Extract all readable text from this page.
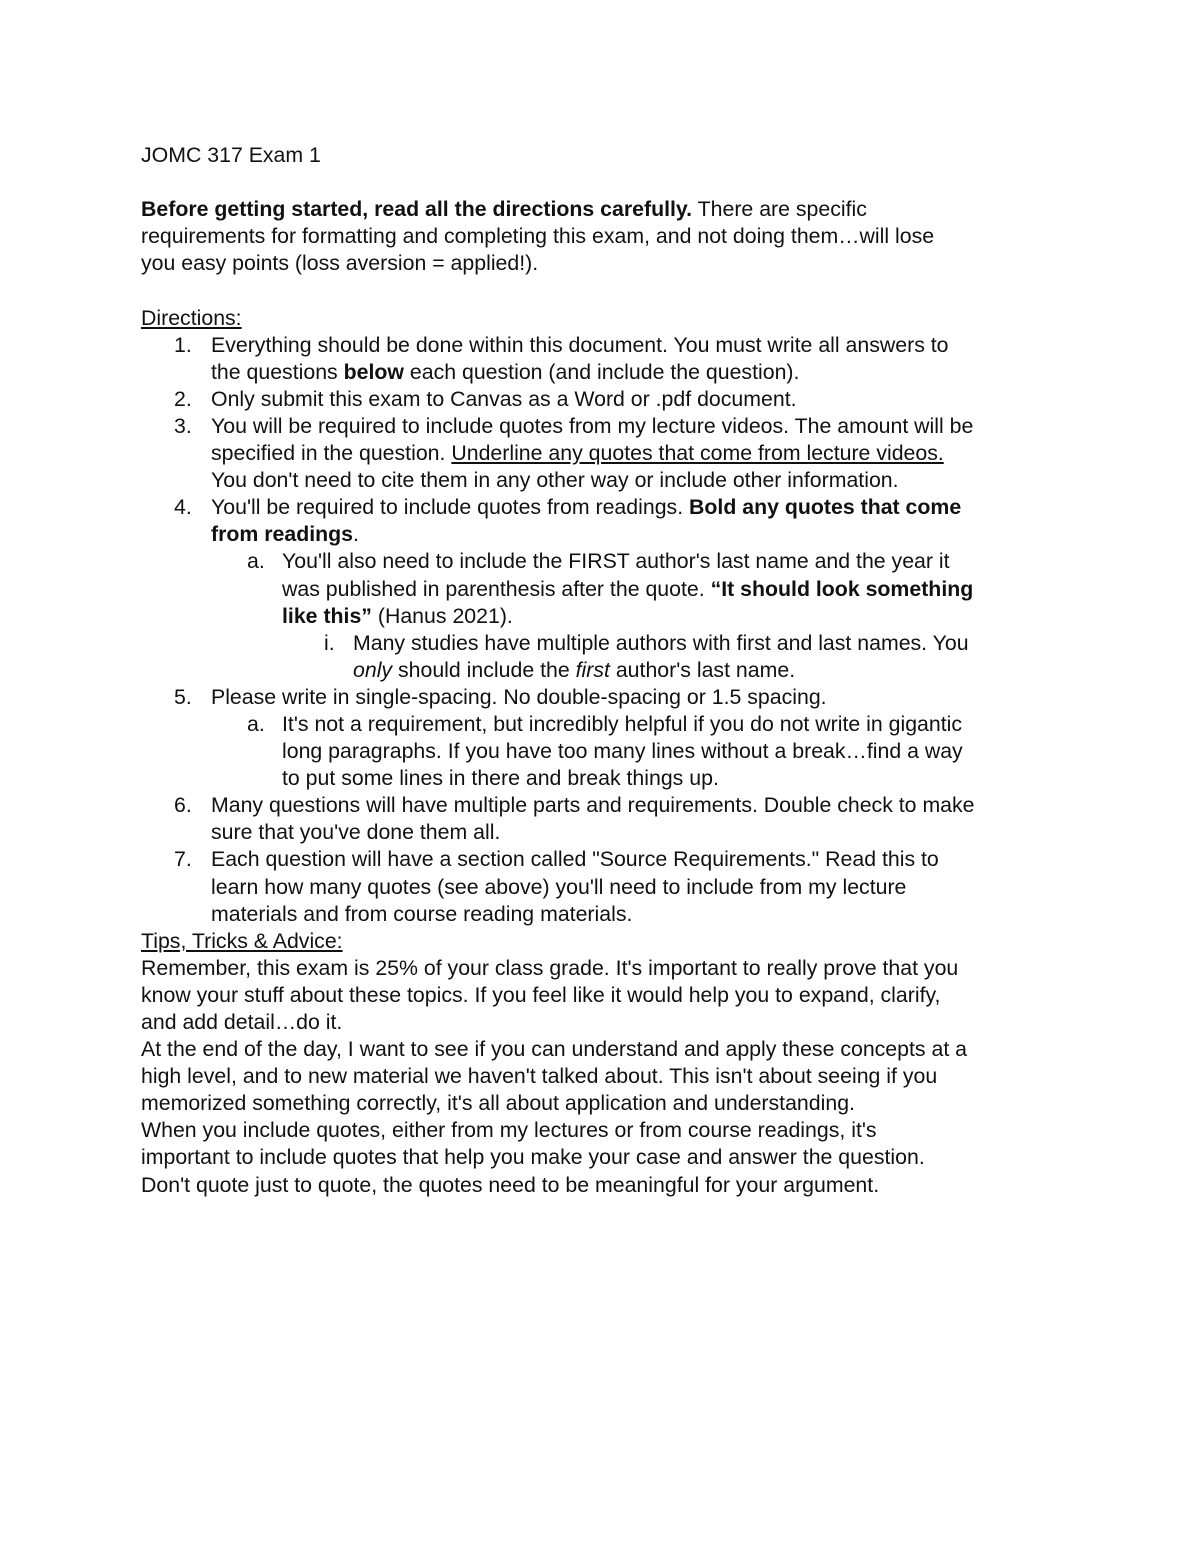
JOMC 317 Exam 1
Before getting started, read all the directions carefully. There are specific
requirements for formatting and completing this exam, and not doing them…will lose
you easy points (loss aversion = applied!).
Directions:
1. Everything should be done within this document. You must write all answers to
the questions below each question (and include the question).
2. Only submit this exam to Canvas as a Word or .pdf document.
3. You will be required to include quotes from my lecture videos. The amount will be
specified in the question. Underline any quotes that come from lecture videos.
You don't need to cite them in any other way or include other information.
4. You'll be required to include quotes from readings. Bold any quotes that come
from readings.
a. You'll also need to include the FIRST author's last name and the year it
was published in parenthesis after the quote. “It should look something
like this” (Hanus 2021).
i. Many studies have multiple authors with first and last names. You
only should include the first author's last name.
5. Please write in single-spacing. No double-spacing or 1.5 spacing.
a. It's not a requirement, but incredibly helpful if you do not write in gigantic
long paragraphs. If you have too many lines without a break…find a way
to put some lines in there and break things up.
6. Many questions will have multiple parts and requirements. Double check to make
sure that you've done them all.
7. Each question will have a section called "Source Requirements." Read this to
learn how many quotes (see above) you'll need to include from my lecture
materials and from course reading materials.
Tips, Tricks & Advice:
Remember, this exam is 25% of your class grade. It's important to really prove that you
know your stuff about these topics. If you feel like it would help you to expand, clarify,
and add detail…do it.
At the end of the day, I want to see if you can understand and apply these concepts at a
high level, and to new material we haven't talked about. This isn't about seeing if you
memorized something correctly, it's all about application and understanding.
When you include quotes, either from my lectures or from course readings, it's
important to include quotes that help you make your case and answer the question.
Don't quote just to quote, the quotes need to be meaningful for your argument.
